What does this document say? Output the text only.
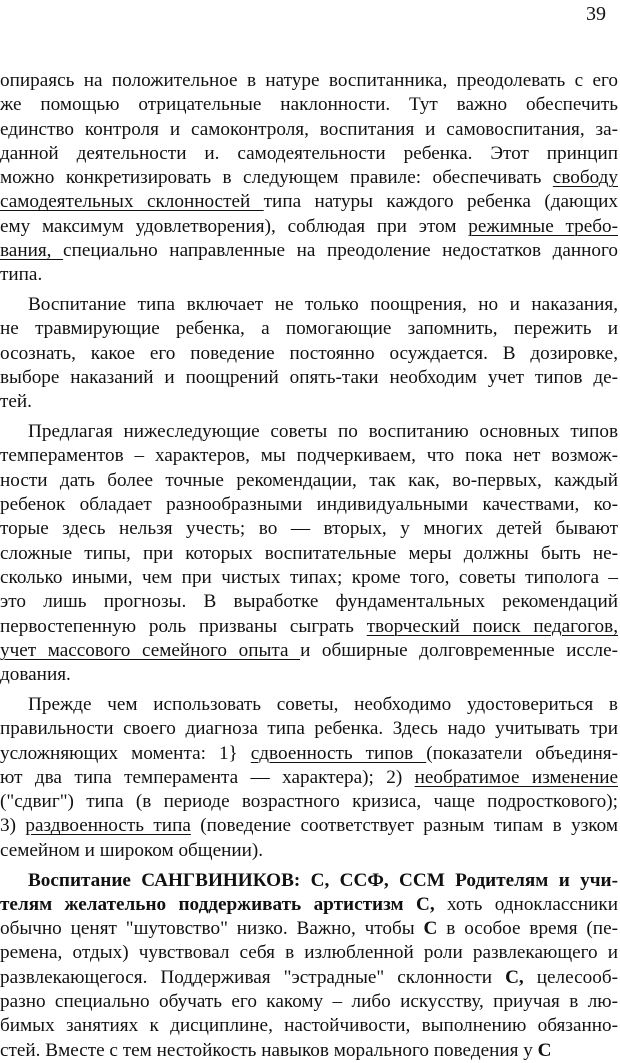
39
опираясь на положительное в натуре воспитанника, преодолевать с его
же помощью отрицательные наклонности. Тут важно обеспечить
единство контроля и самоконтроля, воспитания и самовоспитания, за-
данной деятельности и. самодеятельности ребенка. Этот принцип
можно конкретизировать в следующем правиле: обеспечивать свободу
самодеятельных склонностей типа натуры каждого ребенка (дающих
ему максимум удовлетворения), соблюдая при этом режимные требо-
вания, специально направленные на преодоление недостатков данного
типа.
Воспитание типа включает не только поощрения, но и наказания,
не травмирующие ребенка, а помогающие запомнить, пережить и
осознать, какое его поведение постоянно осуждается. В дозировке,
выборе наказаний и поощрений опять-таки необходим учет типов де-
тей.
Предлагая нижеследующие советы по воспитанию основных типов
темпераментов – характеров, мы подчеркиваем, что пока нет возмож-
ности дать более точные рекомендации, так как, во-первых, каждый
ребенок обладает разнообразными индивидуальными качествами, ко-
торые здесь нельзя учесть; во — вторых, у многих детей бывают
сложные типы, при которых воспитательные меры должны быть не-
сколько иными, чем при чистых типах; кроме того, советы типолога –
это лишь прогнозы. В выработке фундаментальных рекомендаций
первостепенную роль призваны сыграть творческий поиск педагогов,
учет массового семейного опыта и обширные долговременные иссле-
дования.
Прежде чем использовать советы, необходимо удостовериться в
правильности своего диагноза типа ребенка. Здесь надо учитывать три
усложняющих момента: 1} сдвоенность типов (показатели объединя-
ют два типа темперамента — характера); 2) необратимое изменение
("сдвиг") типа (в периоде возрастного кризиса, чаще подросткового);
3) раздвоенность типа (поведение соответствует разным типам в узком
семейном и широком общении).
Воспитание САНГВИНИКОВ: С, ССФ, ССМ Родителям и учи-
телям желательно поддерживать артистизм С, хоть одноклассники
обычно ценят "шутовство" низко. Важно, чтобы С в особое время (пе-
ремена, отдых) чувствовал себя в излюбленной роли развлекающего и
развлекающегося. Поддерживая "эстрадные" склонности С, целесооб-
разно специально обучать его какому – либо искусству, приучая в лю-
бимых занятиях к дисциплине, настойчивости, выполнению обязанно-
стей. Вместе с тем нестойкость навыков морального поведения у С
